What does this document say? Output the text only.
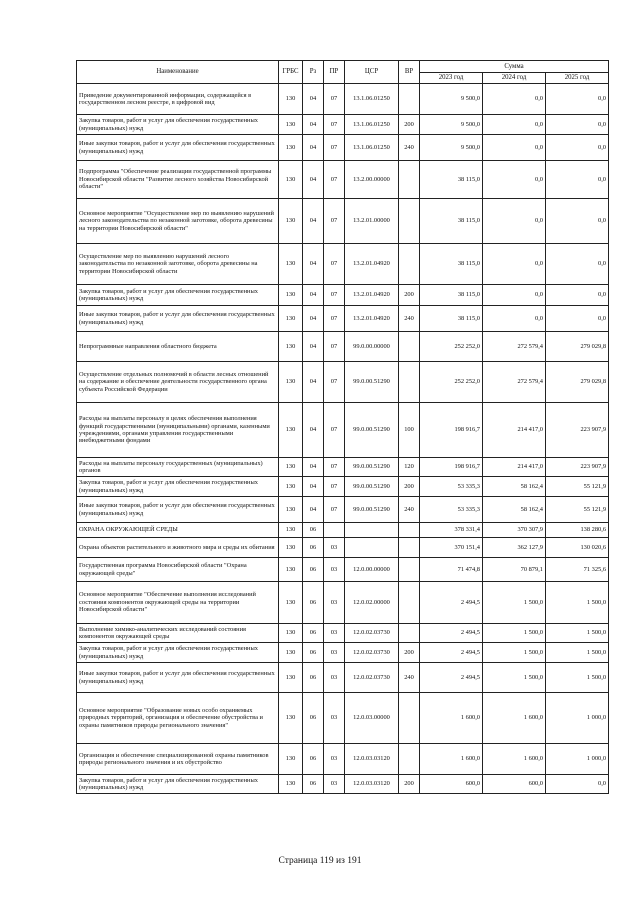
Наименование	ГРБС	Рз	ПР	ЦСР	ВР	Сумма		
						2023 год	2024 год	2025 год
Приведение документированной информации, содержащейся в государственном лесном реестре, в цифровой вид	130	04	07	13.1.06.01250		9 500,0	0,0	0,0
Закупка товаров, работ и услуг для обеспечения государственных (муниципальных) нужд	130	04	07	13.1.06.01250	200	9 500,0	0,0	0,0
Иные закупки товаров, работ и услуг для обеспечения государственных (муниципальных) нужд	130	04	07	13.1.06.01250	240	9 500,0	0,0	0,0
Подпрограмма "Обеспечение реализации государственной программы Новосибирской области "Развитие лесного хозяйства Новосибирской области"	130	04	07	13.2.00.00000		38 115,0	0,0	0,0
Основное мероприятие "Осуществление мер по выявлению нарушений лесного законодательства по незаконной заготовке, оборота древесины на территории Новосибирской области"	130	04	07	13.2.01.00000		38 115,0	0,0	0,0
Осуществление мер по выявлению нарушений лесного законодательства по незаконной заготовке, оборота древесины на территории Новосибирской области	130	04	07	13.2.01.04920		38 115,0	0,0	0,0
Закупка товаров, работ и услуг для обеспечения государственных (муниципальных) нужд	130	04	07	13.2.01.04920	200	38 115,0	0,0	0,0
Иные закупки товаров, работ и услуг для обеспечения государственных (муниципальных) нужд	130	04	07	13.2.01.04920	240	38 115,0	0,0	0,0
Непрограммные направления областного бюджета	130	04	07	99.0.00.00000		252 252,0	272 579,4	279 029,8
Осуществление отдельных полномочий в области лесных отношений на содержание и обеспечение деятельности государственного органа субъекта Российской Федерации	130	04	07	99.0.00.51290		252 252,0	272 579,4	279 029,8
Расходы на выплаты персоналу в целях обеспечения выполнения функций государственными (муниципальными) органами, казенными учреждениями, органами управления государственными внебюджетными фондами	130	04	07	99.0.00.51290	100	198 916,7	214 417,0	223 907,9
Расходы на выплаты персоналу государственных (муниципальных) органов	130	04	07	99.0.00.51290	120	198 916,7	214 417,0	223 907,9
Закупка товаров, работ и услуг для обеспечения государственных (муниципальных) нужд	130	04	07	99.0.00.51290	200	53 335,3	58 162,4	55 121,9
Иные закупки товаров, работ и услуг для обеспечения государственных (муниципальных) нужд	130	04	07	99.0.00.51290	240	53 335,3	58 162,4	55 121,9
ОХРАНА ОКРУЖАЮЩЕЙ СРЕДЫ	130	06				378 331,4	370 307,9	138 280,6
Охрана объектов растительного и животного мира и среды их обитания	130	06	03			370 151,4	362 127,9	130 020,6
Государственная программа Новосибирской области "Охрана окружающей среды"	130	06	03	12.0.00.00000		71 474,8	70 879,1	71 325,6
Основное мероприятие "Обеспечение выполнения исследований состояния компонентов окружающей среды на территории Новосибирской области"	130	06	03	12.0.02.00000		2 494,5	1 500,0	1 500,0
Выполнение химико-аналитических исследований состояния компонентов окружающей среды	130	06	03	12.0.02.03730		2 494,5	1 500,0	1 500,0
Закупка товаров, работ и услуг для обеспечения государственных (муниципальных) нужд	130	06	03	12.0.02.03730	200	2 494,5	1 500,0	1 500,0
Иные закупки товаров, работ и услуг для обеспечения государственных (муниципальных) нужд	130	06	03	12.0.02.03730	240	2 494,5	1 500,0	1 500,0
Основное мероприятие "Образование новых особо охраняемых природных территорий, организация и обеспечение обустройства и охраны памятников природы регионального значения"	130	06	03	12.0.03.00000		1 600,0	1 600,0	1 000,0
Организация и обеспечение специализированной охраны памятников природы регионального значения и их обустройство	130	06	03	12.0.03.03120		1 600,0	1 600,0	1 000,0
Закупка товаров, работ и услуг для обеспечения государственных (муниципальных) нужд	130	06	03	12.0.03.03120	200	600,0	600,0	0,0
Страница 119 из 191
